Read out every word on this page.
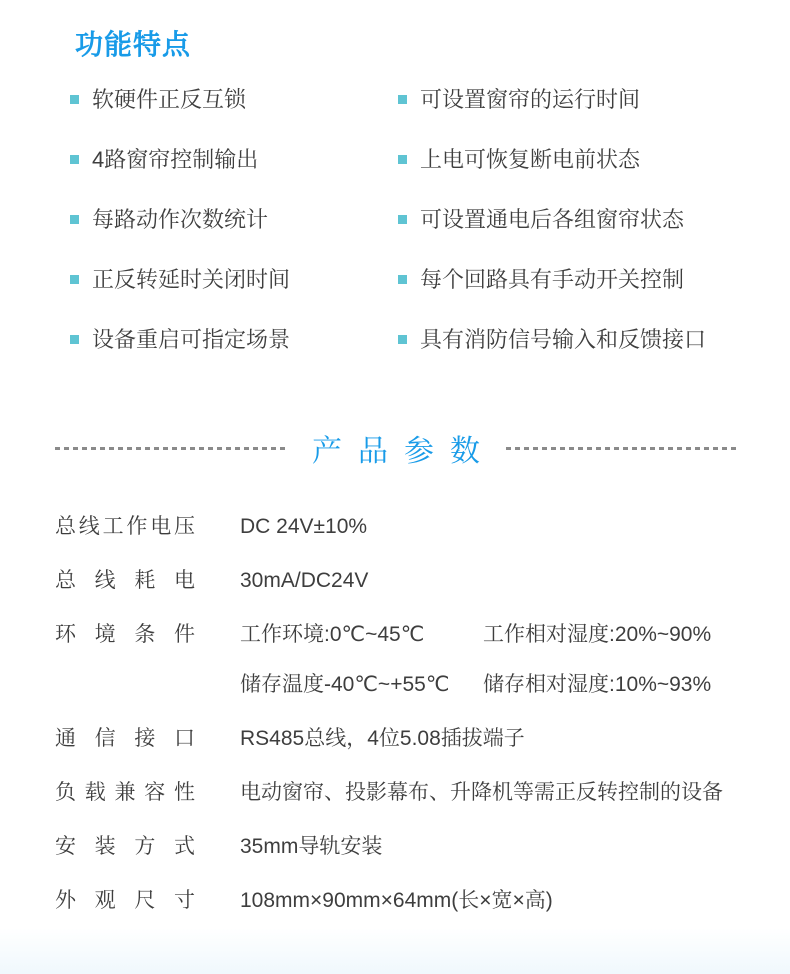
功能特点
软硬件正反互锁
4路窗帘控制输出
每路动作次数统计
正反转延时关闭时间
设备重启可指定场景
可设置窗帘的运行时间
上电可恢复断电前状态
可设置通电后各组窗帘状态
每个回路具有手动开关控制
具有消防信号输入和反馈接口
产品参数
总线工作电压 DC 24V±10%
总线耗电 30mA/DC24V
环境条件 工作环境:0℃~45℃	工作相对湿度:20%~90%
储存温度-40℃~+55℃	储存相对湿度:10%~93%
通信接口 RS485总线，4位5.08插拔端子
负载兼容性 电动窗帘、投影幕布、升降机等需正反转控制的设备
安装方式 35mm导轨安装
外观尺寸 108mm×90mm×64mm(长×宽×高)
